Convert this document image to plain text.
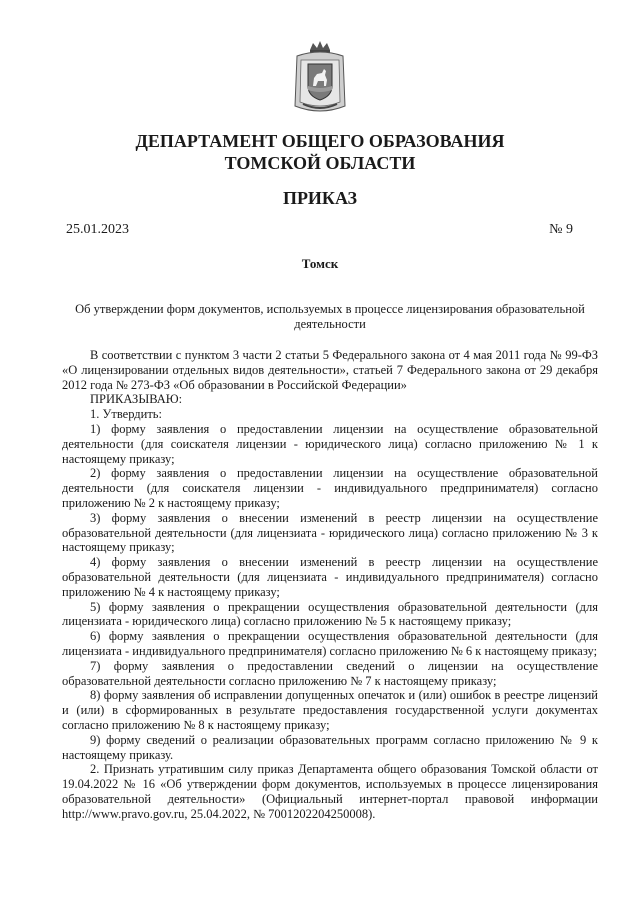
ДЕПАРТАМЕНТ ОБЩЕГО ОБРАЗОВАНИЯ
ТОМСКОЙ ОБЛАСТИ
ПРИКАЗ
25.01.2023	№ 9
Томск
Об утверждении форм документов, используемых в процессе лицензирования образовательной деятельности

В соответствии с пунктом 3 части 2 статьи 5 Федерального закона от 4 мая 2011 года № 99-ФЗ «О лицензировании отдельных видов деятельности», статьей 7 Федерального закона от 29 декабря 2012 года № 273-ФЗ «Об образовании в Российской Федерации»

ПРИКАЗЫВАЮ:

1. Утвердить:

1) форму заявления о предоставлении лицензии на осуществление образовательной деятельности (для соискателя лицензии - юридического лица) согласно приложению № 1 к настоящему приказу;

2) форму заявления о предоставлении лицензии на осуществление образовательной деятельности (для соискателя лицензии - индивидуального предпринимателя) согласно приложению № 2 к настоящему приказу;

3) форму заявления о внесении изменений в реестр лицензии на осуществление образовательной деятельности (для лицензиата - юридического лица) согласно приложению № 3 к настоящему приказу;

4) форму заявления о внесении изменений в реестр лицензии на осуществление образовательной деятельности (для лицензиата - индивидуального предпринимателя) согласно приложению № 4 к настоящему приказу;

5) форму заявления о прекращении осуществления образовательной деятельности (для лицензиата - юридического лица) согласно приложению № 5 к настоящему приказу;

6) форму заявления о прекращении осуществления образовательной деятельности (для лицензиата - индивидуального предпринимателя) согласно приложению № 6 к настоящему приказу;

7) форму заявления о предоставлении сведений о лицензии на осуществление образовательной деятельности согласно приложению № 7 к настоящему приказу;

8) форму заявления об исправлении допущенных опечаток и (или) ошибок в реестре лицензий и (или) в сформированных в результате предоставления государственной услуги документах согласно приложению № 8 к настоящему приказу;

9) форму сведений о реализации образовательных программ согласно приложению № 9 к настоящему приказу.

2. Признать утратившим силу приказ Департамента общего образования Томской области от 19.04.2022 № 16 «Об утверждении форм документов, используемых в процессе лицензирования образовательной деятельности» (Официальный интернет-портал правовой информации http://www.pravo.gov.ru, 25.04.2022, № 7001202204250008).
